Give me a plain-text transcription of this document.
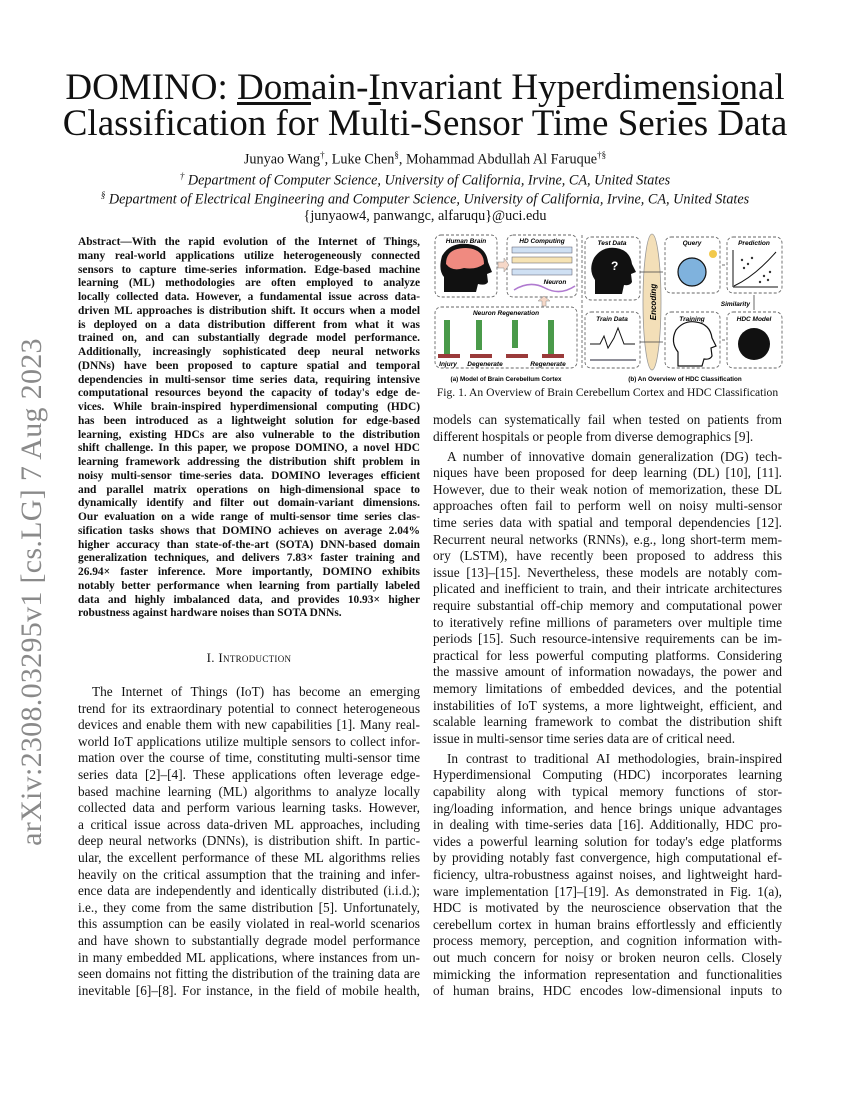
arXiv:2308.03295v1 [cs.LG] 7 Aug 2023
DOMINO: Domain-Invariant Hyperdimensional
Classification for Multi-Sensor Time Series Data
Junyao Wang†, Luke Chen§, Mohammad Abdullah Al Faruque†§
† Department of Computer Science, University of California, Irvine, CA, United States
§ Department of Electrical Engineering and Computer Science, University of California, Irvine, CA, United States
{junyaow4, panwangc, alfaruqu}@uci.edu
Abstract—With the rapid evolution of the Internet of Things,
many real-world applications utilize heterogeneously connected
sensors to capture time-series information. Edge-based machine
learning (ML) methodologies are often employed to analyze
locally collected data. However, a fundamental issue across data-
driven ML approaches is distribution shift. It occurs when a model
is deployed on a data distribution different from what it was
trained on, and can substantially degrade model performance.
Additionally, increasingly sophisticated deep neural networks
(DNNs) have been proposed to capture spatial and temporal
dependencies in multi-sensor time series data, requiring intensive
computational resources beyond the capacity of today's edge de-
vices. While brain-inspired hyperdimensional computing (HDC)
has been introduced as a lightweight solution for edge-based
learning, existing HDCs are also vulnerable to the distribution
shift challenge. In this paper, we propose DOMINO, a novel HDC
learning framework addressing the distribution shift problem in
noisy multi-sensor time-series data. DOMINO leverages efficient
and parallel matrix operations on high-dimensional space to
dynamically identify and filter out domain-variant dimensions.
Our evaluation on a wide range of multi-sensor time series clas-
sification tasks shows that DOMINO achieves on average 2.04%
higher accuracy than state-of-the-art (SOTA) DNN-based domain
generalization techniques, and delivers 7.83× faster training and
26.94× faster inference. More importantly, DOMINO exhibits
notably better performance when learning from partially labeled
data and highly imbalanced data, and provides 10.93× higher
robustness against hardware noises than SOTA DNNs.
I. Introduction
The Internet of Things (IoT) has become an emerging
trend for its extraordinary potential to connect heterogeneous
devices and enable them with new capabilities [1]. Many real-
world IoT applications utilize multiple sensors to collect infor-
mation over the course of time, constituting multi-sensor time
series data [2]–[4]. These applications often leverage edge-
based machine learning (ML) algorithms to analyze locally
collected data and perform various learning tasks. However,
a critical issue across data-driven ML approaches, including
deep neural networks (DNNs), is distribution shift. In partic-
ular, the excellent performance of these ML algorithms relies
heavily on the critical assumption that the training and infer-
ence data are independently and identically distributed (i.i.d.);
i.e., they come from the same distribution [5]. Unfortunately,
this assumption can be easily violated in real-world scenarios
and have shown to substantially degrade model performance
in many embedded ML applications, where instances from un-
seen domains not fitting the distribution of the training data are
inevitable [6]–[8]. For instance, in the field of mobile health,
models can systematically fail when tested on patients from
different hospitals or people from diverse demographics [9].
A number of innovative domain generalization (DG) tech-
niques have been proposed for deep learning (DL) [10], [11].
However, due to their weak notion of memorization, these DL
approaches often fail to perform well on noisy multi-sensor
time series data with spatial and temporal dependencies [12].
Recurrent neural networks (RNNs), e.g., long short-term mem-
ory (LSTM), have recently been proposed to address this
issue [13]–[15]. Nevertheless, these models are notably com-
plicated and inefficient to train, and their intricate architectures
require substantial off-chip memory and computational power
to iteratively refine millions of parameters over multiple time
periods [15]. Such resource-intensive requirements can be im-
practical for less powerful computing platforms. Considering
the massive amount of information nowadays, the power and
memory limitations of embedded devices, and the potential
instabilities of IoT systems, a more lightweight, efficient, and
scalable learning framework to combat the distribution shift
issue in multi-sensor time series data are of critical need.
In contrast to traditional AI methodologies, brain-inspired
Hyperdimensional Computing (HDC) incorporates learning
capability along with typical memory functions of stor-
ing/loading information, and hence brings unique advantages
in dealing with time-series data [16]. Additionally, HDC pro-
vides a powerful learning solution for today's edge platforms
by providing notably fast convergence, high computational ef-
ficiency, ultra-robustness against noises, and lightweight hard-
ware implementation [17]–[19]. As demonstrated in Fig. 1(a),
HDC is motivated by the neuroscience observation that the
cerebellum cortex in human brains effortlessly and efficiently
process memory, perception, and cognition information with-
out much concern for noisy or broken neuron cells. Closely
mimicking the information representation and functionalities
of human brains, HDC encodes low-dimensional inputs to
?
Encoding	Similarity
Human Brain	HD Computing
Neuron
Neuron Regeneration
Injury Degenerate	Regenerate
Test Data
Train Data
Query	Prediction
Training	HDC Model
(a) Model of Brain Cerebellum Cortex	(b) An Overview of HDC Classification
Fig. 1. An Overview of Brain Cerebellum Cortex and HDC Classification
